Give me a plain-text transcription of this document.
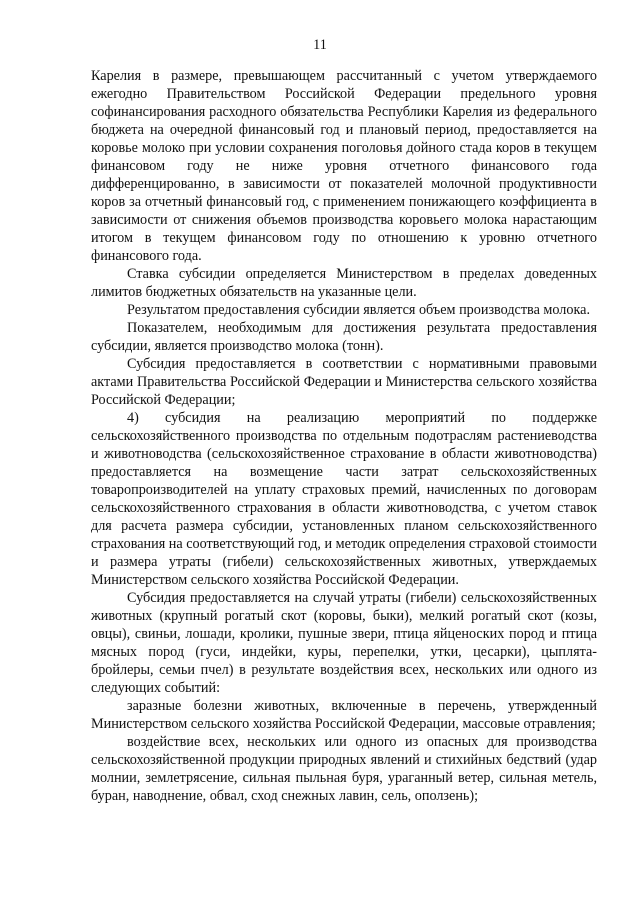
11

Карелия в размере, превышающем рассчитанный с учетом утверждаемого ежегодно Правительством Российской Федерации предельного уровня софинансирования расходного обязательства Республики Карелия из федерального бюджета на очередной финансовый год и плановый период, предоставляется на коровье молоко при условии сохранения поголовья дойного стада коров в текущем финансовом году не ниже уровня отчетного финансового года дифференцированно, в зависимости от показателей молочной продуктивности коров за отчетный финансовый год, с применением понижающего коэффициента в зависимости от снижения объемов производства коровьего молока нарастающим итогом в текущем финансовом году по отношению к уровню отчетного финансового года.

Ставка субсидии определяется Министерством в пределах доведенных лимитов бюджетных обязательств на указанные цели.

Результатом предоставления субсидии является объем производства молока.

Показателем, необходимым для достижения результата предоставления субсидии, является производство молока (тонн).

Субсидия предоставляется в соответствии с нормативными правовыми актами Правительства Российской Федерации и Министерства сельского хозяйства Российской Федерации;

4) субсидия на реализацию мероприятий по поддержке сельскохозяйственного производства по отдельным подотраслям растениеводства и животноводства (сельскохозяйственное страхование в области животноводства) предоставляется на возмещение части затрат сельскохозяйственных товаропроизводителей на уплату страховых премий, начисленных по договорам сельскохозяйственного страхования в области животноводства, с учетом ставок для расчета размера субсидии, установленных планом сельскохозяйственного страхования на соответствующий год, и методик определения страховой стоимости и размера утраты (гибели) сельскохозяйственных животных, утверждаемых Министерством сельского хозяйства Российской Федерации.

Субсидия предоставляется на случай утраты (гибели) сельскохозяйственных животных (крупный рогатый скот (коровы, быки), мелкий рогатый скот (козы, овцы), свиньи, лошади, кролики, пушные звери, птица яйценоских пород и птица мясных пород (гуси, индейки, куры, перепелки, утки, цесарки), цыплята-бройлеры, семьи пчел) в результате воздействия всех, нескольких или одного из следующих событий:

заразные болезни животных, включенные в перечень, утвержденный Министерством сельского хозяйства Российской Федерации, массовые отравления;

воздействие всех, нескольких или одного из опасных для производства сельскохозяйственной продукции природных явлений и стихийных бедствий (удар молнии, землетрясение, сильная пыльная буря, ураганный ветер, сильная метель, буран, наводнение, обвал, сход снежных лавин, сель, оползень);
